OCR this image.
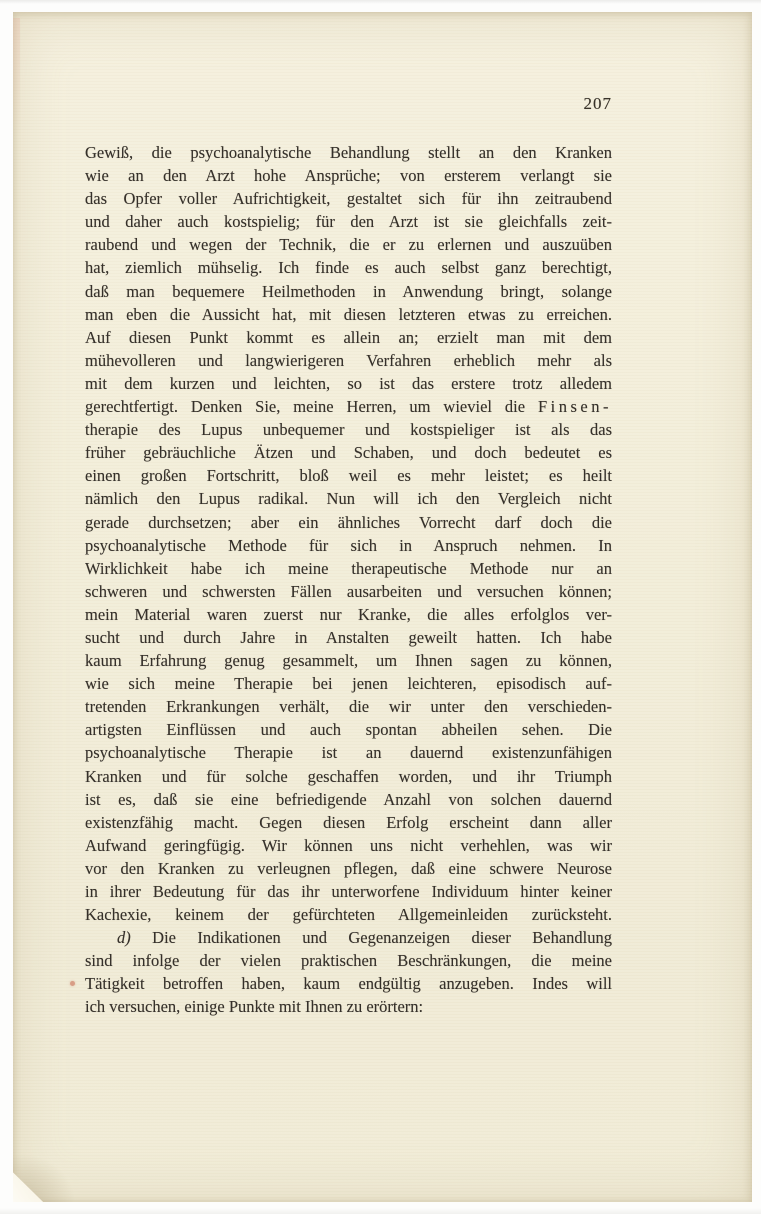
207
Gewiß, die psychoanalytische Behandlung stellt an den Kranken
wie an den Arzt hohe Ansprüche; von ersterem verlangt sie
das Opfer voller Aufrichtigkeit, gestaltet sich für ihn zeitraubend
und daher auch kostspielig; für den Arzt ist sie gleichfalls zeit-
raubend und wegen der Technik, die er zu erlernen und auszuüben
hat, ziemlich mühselig. Ich finde es auch selbst ganz berechtigt,
daß man bequemere Heilmethoden in Anwendung bringt, solange
man eben die Aussicht hat, mit diesen letzteren etwas zu erreichen.
Auf diesen Punkt kommt es allein an; erzielt man mit dem
mühevolleren und langwierigeren Verfahren erheblich mehr als
mit dem kurzen und leichten, so ist das erstere trotz alledem
gerechtfertigt. Denken Sie, meine Herren, um wieviel die Finsen-
therapie des Lupus unbequemer und kostspieliger ist als das
früher gebräuchliche Ätzen und Schaben, und doch bedeutet es
einen großen Fortschritt, bloß weil es mehr leistet; es heilt
nämlich den Lupus radikal. Nun will ich den Vergleich nicht
gerade durchsetzen; aber ein ähnliches Vorrecht darf doch die
psychoanalytische Methode für sich in Anspruch nehmen. In
Wirklichkeit habe ich meine therapeutische Methode nur an
schweren und schwersten Fällen ausarbeiten und versuchen können;
mein Material waren zuerst nur Kranke, die alles erfolglos ver-
sucht und durch Jahre in Anstalten geweilt hatten. Ich habe
kaum Erfahrung genug gesammelt, um Ihnen sagen zu können,
wie sich meine Therapie bei jenen leichteren, episodisch auf-
tretenden Erkrankungen verhält, die wir unter den verschieden-
artigsten Einflüssen und auch spontan abheilen sehen. Die
psychoanalytische Therapie ist an dauernd existenzunfähigen
Kranken und für solche geschaffen worden, und ihr Triumph
ist es, daß sie eine befriedigende Anzahl von solchen dauernd
existenzfähig macht. Gegen diesen Erfolg erscheint dann aller
Aufwand geringfügig. Wir können uns nicht verhehlen, was wir
vor den Kranken zu verleugnen pflegen, daß eine schwere Neurose
in ihrer Bedeutung für das ihr unterworfene Individuum hinter keiner
Kachexie, keinem der gefürchteten Allgemeinleiden zurücksteht.
d) Die Indikationen und Gegenanzeigen dieser Behandlung
sind infolge der vielen praktischen Beschränkungen, die meine
Tätigkeit betroffen haben, kaum endgültig anzugeben. Indes will
ich versuchen, einige Punkte mit Ihnen zu erörtern:
